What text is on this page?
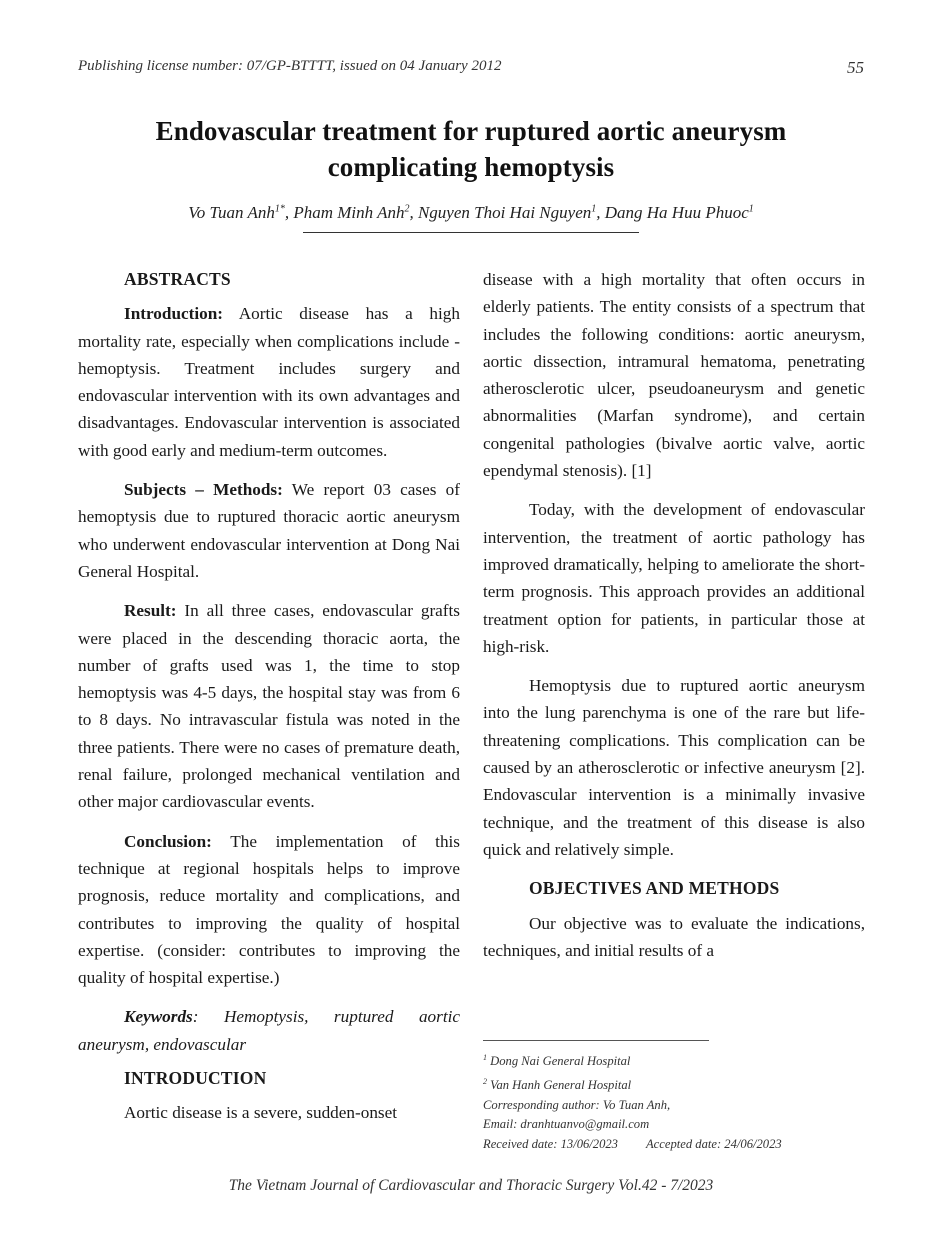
Publishing license number: 07/GP-BTTTT, issued on 04 January 2012	55
Endovascular treatment for ruptured aortic aneurysm
complicating hemoptysis
Vo Tuan Anh$^{1*}$, Pham Minh Anh$^2$, Nguyen Thoi Hai Nguyen$^1$, Dang Ha Huu Phuoc$^1$

ABSTRACTS

Introduction: Aortic disease has a high mortality rate, especially when complications include - hemoptysis. Treatment includes surgery and endovascular intervention with its own advantages and disadvantages. Endovascular intervention is associated with good early and medium-term outcomes.

Subjects – Methods: We report 03 cases of hemoptysis due to ruptured thoracic aortic aneurysm who underwent endovascular intervention at Dong Nai General Hospital.

Result: In all three cases, endovascular grafts were placed in the descending thoracic aorta, the number of grafts used was 1, the time to stop hemoptysis was 4-5 days, the hospital stay was from 6 to 8 days. No intravascular fistula was noted in the three patients. There were no cases of premature death, renal failure, prolonged mechanical ventilation and other major cardiovascular events.

Conclusion: The implementation of this technique at regional hospitals helps to improve prognosis, reduce mortality and complications, and contributes to improving the quality of hospital expertise. (consider: contributes to improving the quality of hospital expertise.)

Keywords: Hemoptysis, ruptured aortic aneurysm, endovascular

INTRODUCTION

Aortic disease is a severe, sudden-onset

disease with a high mortality that often occurs in elderly patients. The entity consists of a spectrum that includes the following conditions: aortic aneurysm, aortic dissection, intramural hematoma, penetrating atherosclerotic ulcer, pseudoaneurysm and genetic abnormalities (Marfan syndrome), and certain congenital pathologies (bivalve aortic valve, aortic ependymal stenosis). [1]

Today, with the development of endovascular intervention, the treatment of aortic pathology has improved dramatically, helping to ameliorate the short-term prognosis. This approach provides an additional treatment option for patients, in particular those at high-risk.

Hemoptysis due to ruptured aortic aneurysm into the lung parenchyma is one of the rare but life-threatening complications. This complication can be caused by an atherosclerotic or infective aneurysm [2]. Endovascular intervention is a minimally invasive technique, and the treatment of this disease is also quick and relatively simple.

OBJECTIVES AND METHODS

Our objective was to evaluate the indications, techniques, and initial results of a

$^1$ Dong Nai General Hospital
$^2$ Van Hanh General Hospital
Corresponding author: Vo Tuan Anh,
Email: dranhtuanvo@gmail.com
Received date: 13/06/2023 Accepted date: 24/06/2023
The Vietnam Journal of Cardiovascular and Thoracic Surgery Vol.42 - 7/2023
